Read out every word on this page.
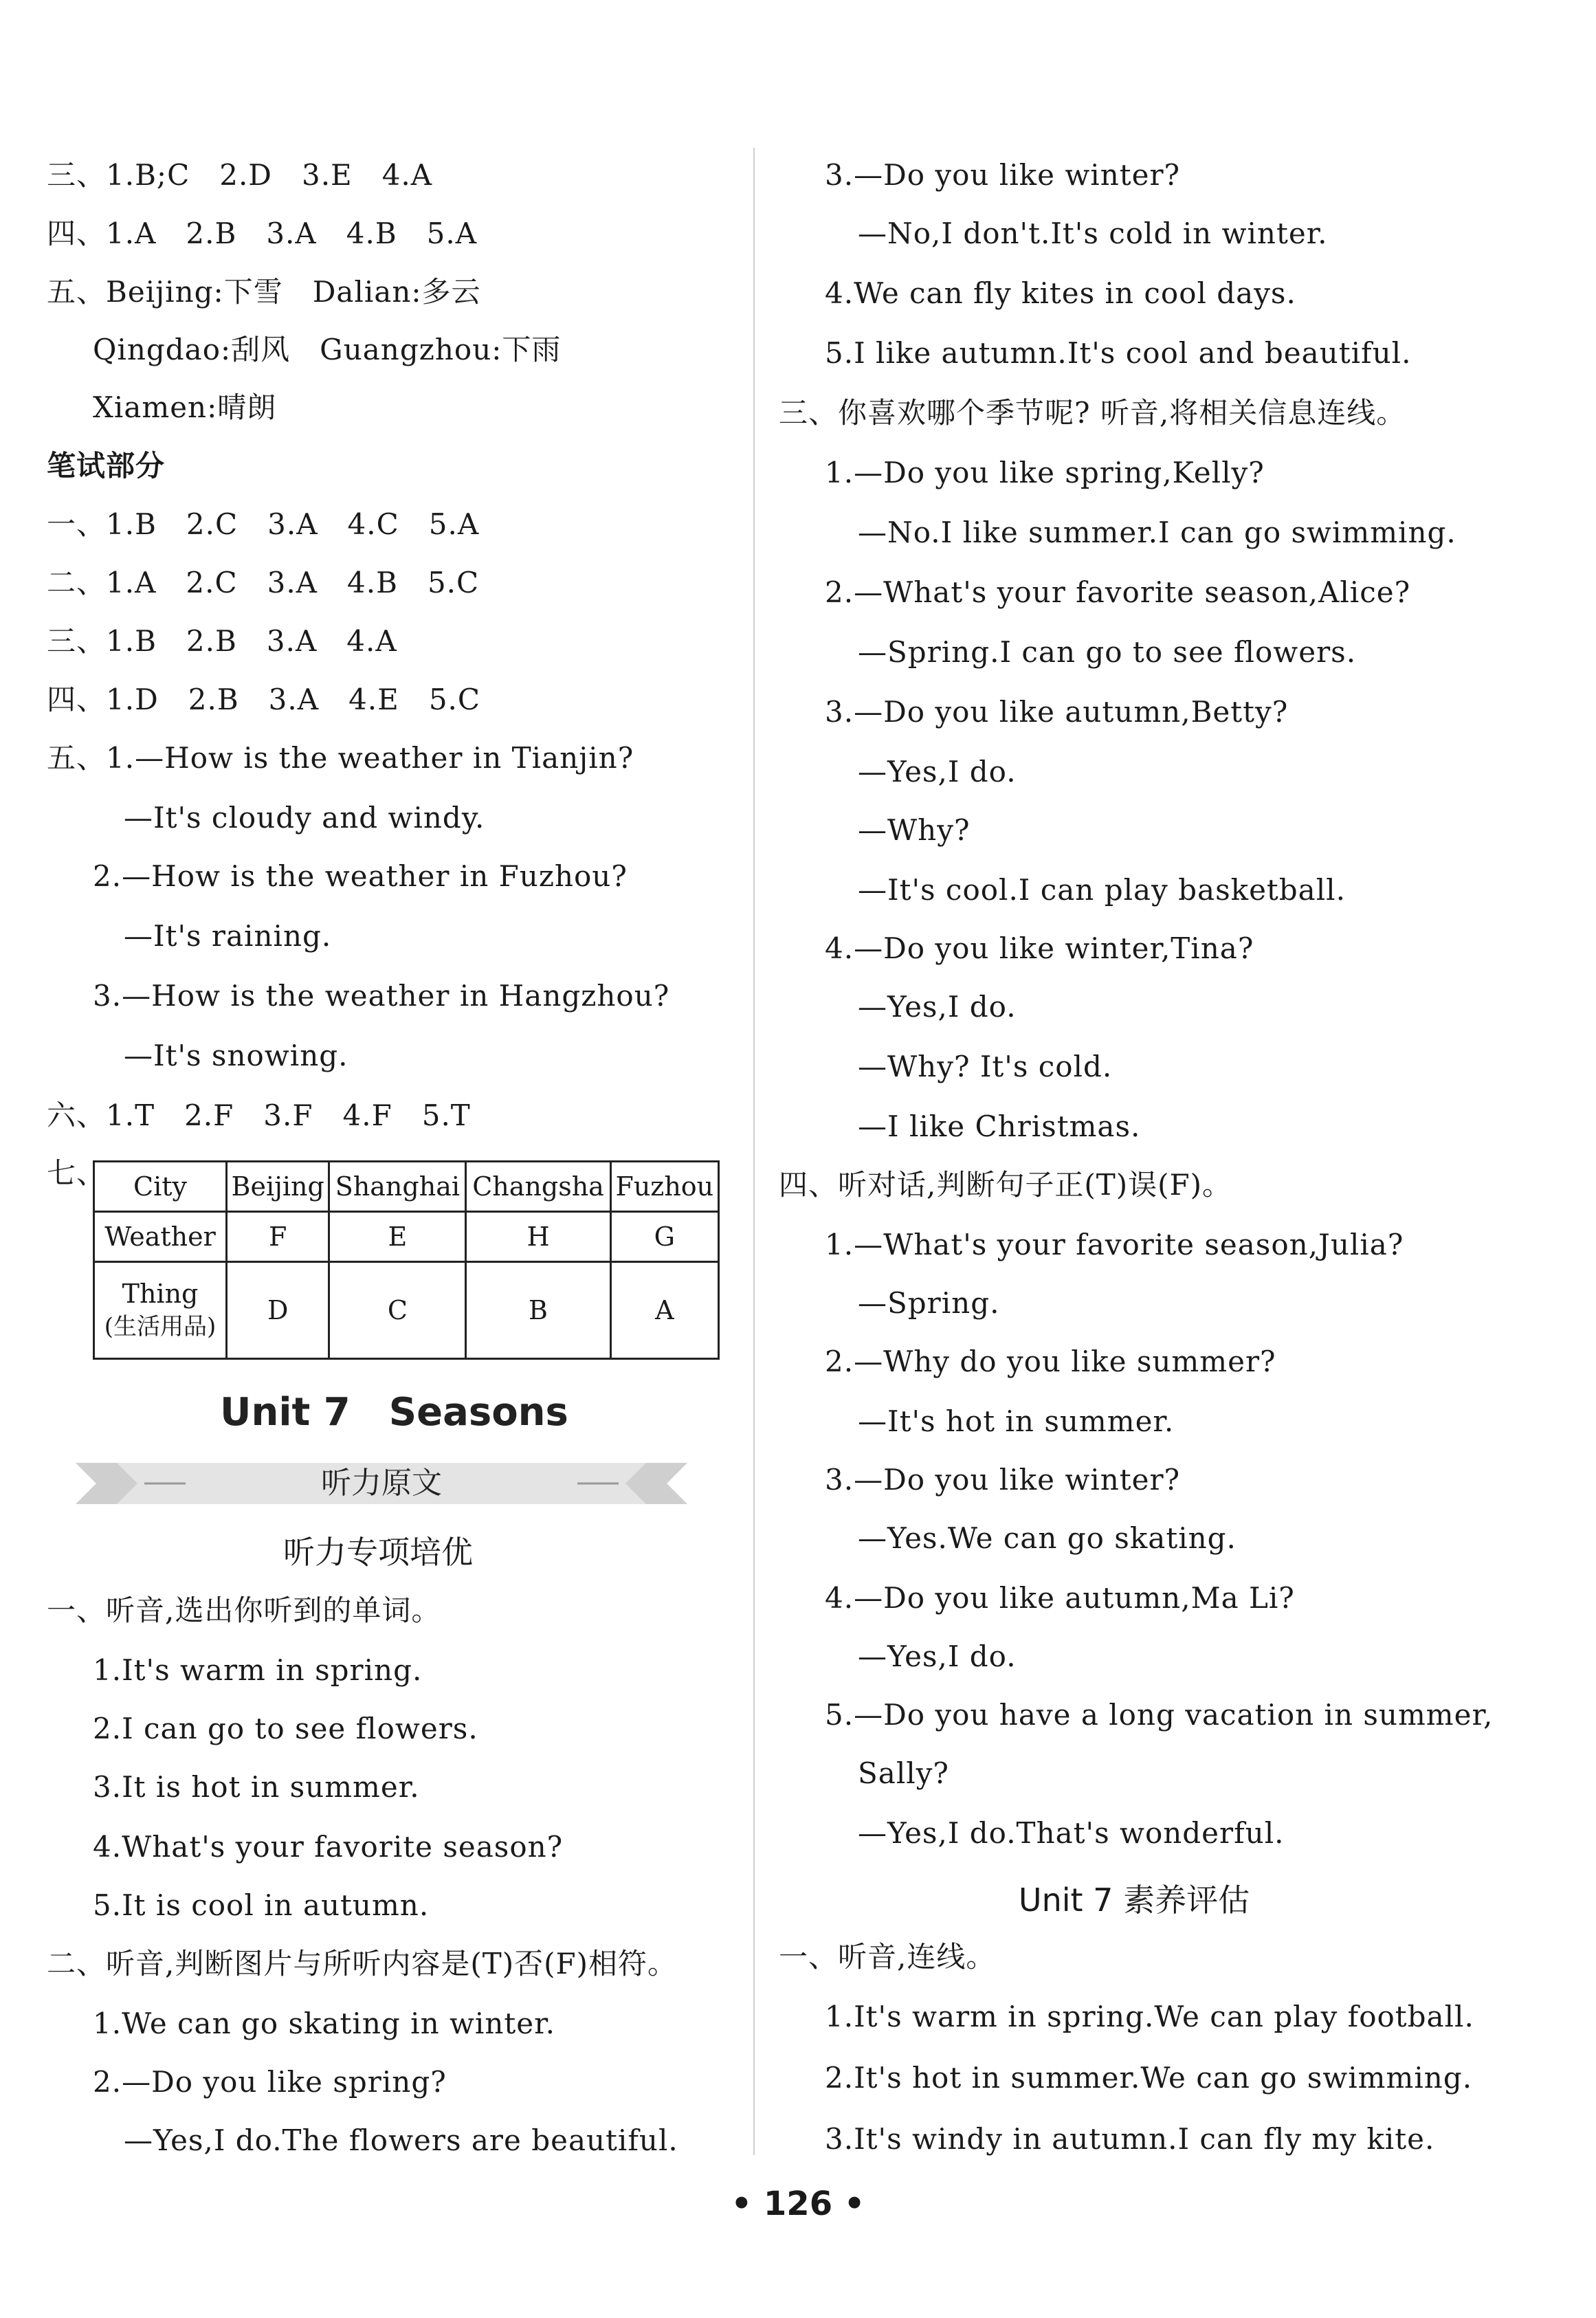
三、1.B;C　2.D　3.E　4.A
四、1.A　2.B　3.A　4.B　5.A
五、Beijing:下雪　Dalian:多云
Qingdao:刮风　Guangzhou:下雨
Xiamen:晴朗
笔试部分
一、1.B　2.C　3.A　4.C　5.A
二、1.A　2.C　3.A　4.B　5.C
三、1.B　2.B　3.A　4.A
四、1.D　2.B　3.A　4.E　5.C
五、1.—How is the weather in Tianjin?
—It's cloudy and windy.
2.—How is the weather in Fuzhou?
—It's raining.
3.—How is the weather in Hangzhou?
—It's snowing.
六、1.T　2.F　3.F　4.F　5.T
七、 City	Beijing	Shanghai	Changsha	Fuzhou
Weather	F	E	H	G

Thing
(生活用品)	D	C	B	A
Unit 7　Seasons
听力原文
听力专项培优
一、听音,选出你听到的单词。
1.It's warm in spring.
2.I can go to see flowers.
3.It is hot in summer.
4.What's your favorite season?
5.It is cool in autumn.
二、听音,判断图片与所听内容是(T)否(F)相符。
1.We can go skating in winter.
2.—Do you like spring?
—Yes,I do.The flowers are beautiful.
3.—Do you like winter?
—No,I don't.It's cold in winter.
4.We can fly kites in cool days.
5.I like autumn.It's cool and beautiful.
三、你喜欢哪个季节呢? 听音,将相关信息连线。
1.—Do you like spring,Kelly?
—No.I like summer.I can go swimming.
2.—What's your favorite season,Alice?
—Spring.I can go to see flowers.
3.—Do you like autumn,Betty?
—Yes,I do.
—Why?
—It's cool.I can play basketball.
4.—Do you like winter,Tina?
—Yes,I do.
—Why? It's cold.
—I like Christmas.
四、听对话,判断句子正(T)误(F)。
1.—What's your favorite season,Julia?
—Spring.
2.—Why do you like summer?
—It's hot in summer.
3.—Do you like winter?
—Yes.We can go skating.
4.—Do you like autumn,Ma Li?
—Yes,I do.
5.—Do you have a long vacation in summer,
Sally?
—Yes,I do.That's wonderful.
Unit 7 素养评估
一、听音,连线。
1.It's warm in spring.We can play football.
2.It's hot in summer.We can go swimming.
3.It's windy in autumn.I can fly my kite.
• 126 •
